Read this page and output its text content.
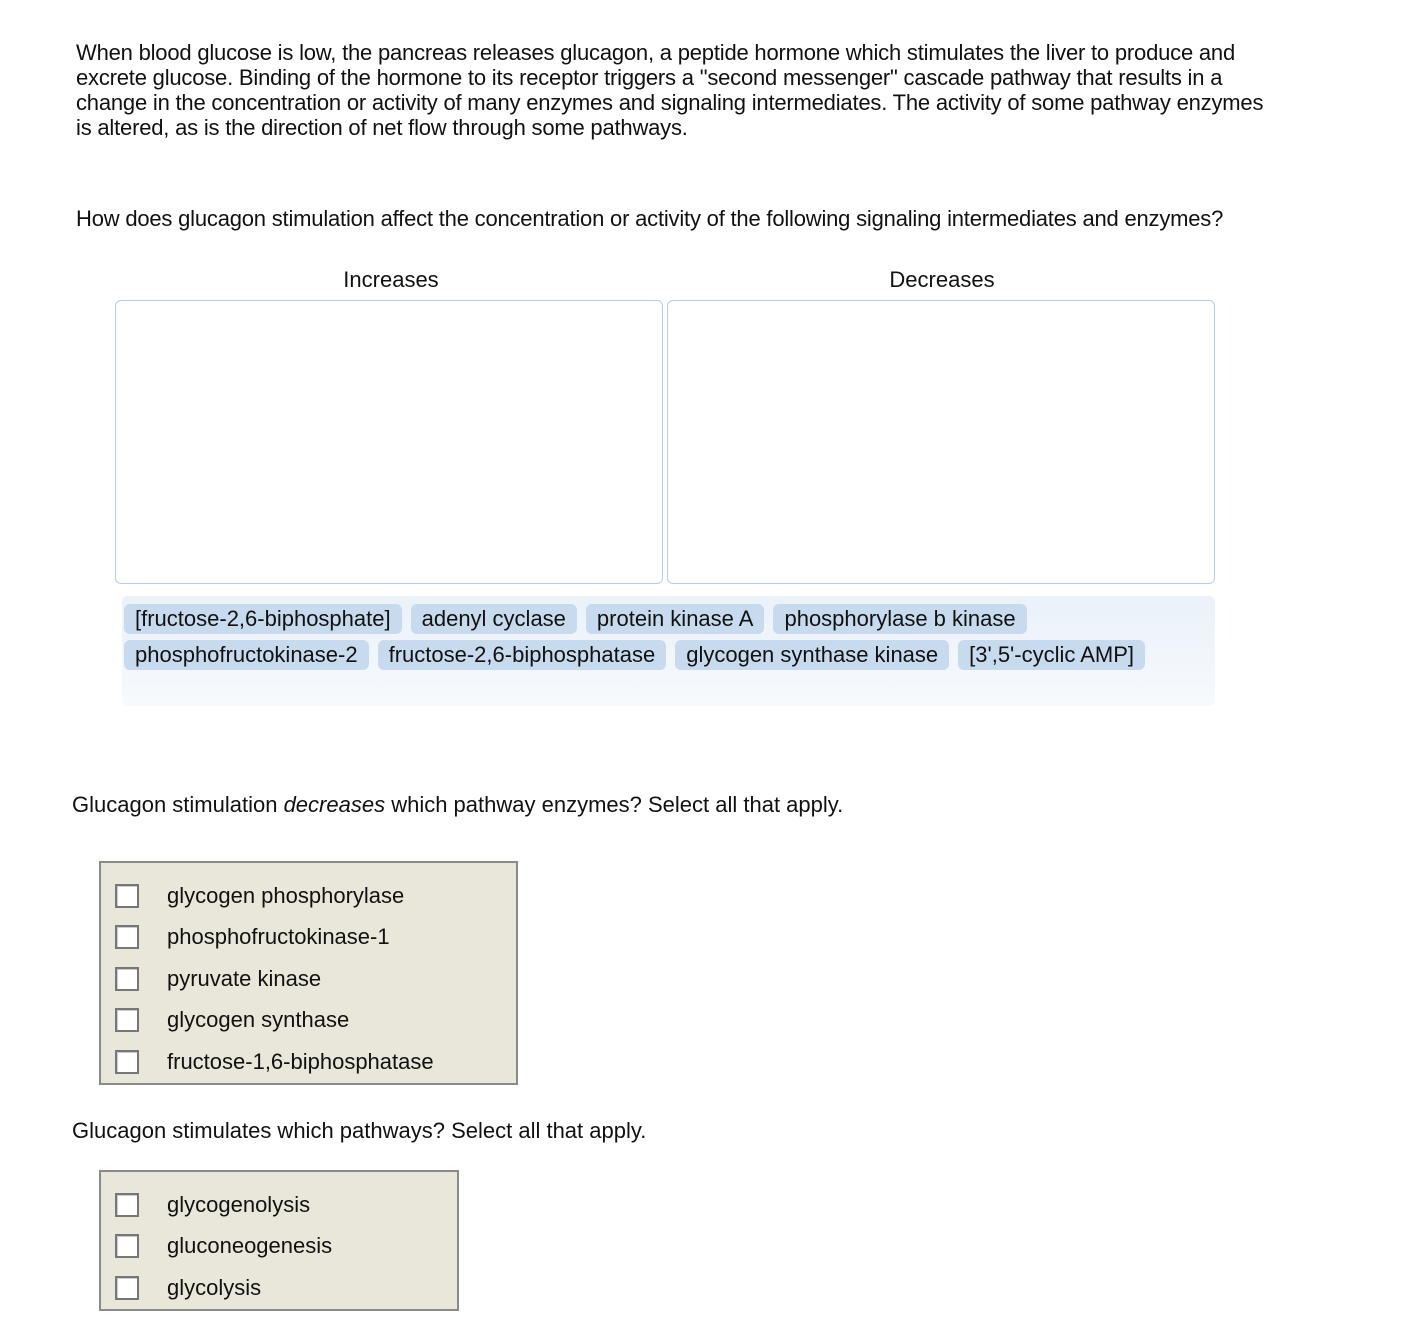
When blood glucose is low, the pancreas releases glucagon, a peptide hormone which stimulates the liver to produce and excrete glucose. Binding of the hormone to its receptor triggers a "second messenger" cascade pathway that results in a change in the concentration or activity of many enzymes and signaling intermediates. The activity of some pathway enzymes is altered, as is the direction of net flow through some pathways.
How does glucagon stimulation affect the concentration or activity of the following signaling intermediates and enzymes?
Increases	Decreases
[fructose-2,6-biphosphate]	adenyl cyclase	protein kinase A	phosphorylase b kinase
phosphofructokinase-2	fructose-2,6-biphosphatase	glycogen synthase kinase	[3',5'-cyclic AMP]
Glucagon stimulation decreases which pathway enzymes? Select all that apply.
glycogen phosphorylase
phosphofructokinase-1
pyruvate kinase
glycogen synthase
fructose-1,6-biphosphatase
Glucagon stimulates which pathways? Select all that apply.
glycogenolysis
gluconeogenesis
glycolysis
